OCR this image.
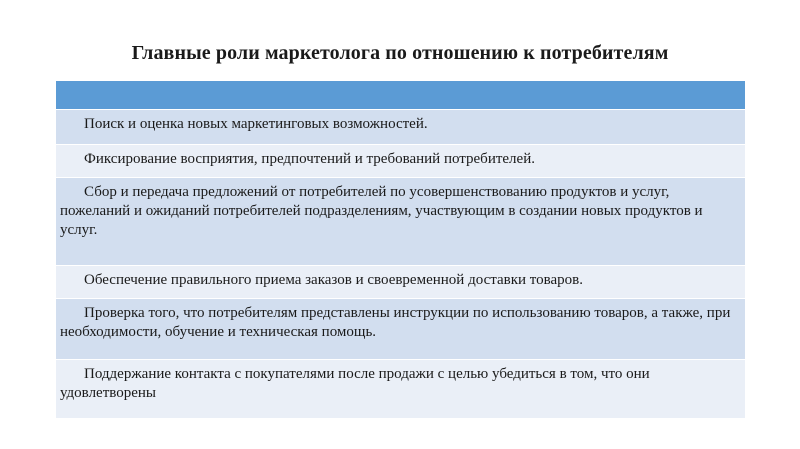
Главные роли маркетолога по отношению к потребителям

Поиск и оценка новых маркетинговых возможностей.

Фиксирование восприятия, предпочтений и требований потребителей.

Сбор и передача предложений от потребителей по усовершенствованию продуктов и услуг, пожеланий и ожиданий потребителей подразделениям, участвующим в создании новых продуктов и услуг.

Обеспечение правильного приема заказов и своевременной доставки товаров.

Проверка того, что потребителям представлены инструкции по использованию товаров, а также, при необходимости, обучение и техническая помощь.

Поддержание контакта с покупателями после продажи с целью убедиться в том, что они удовлетворены
